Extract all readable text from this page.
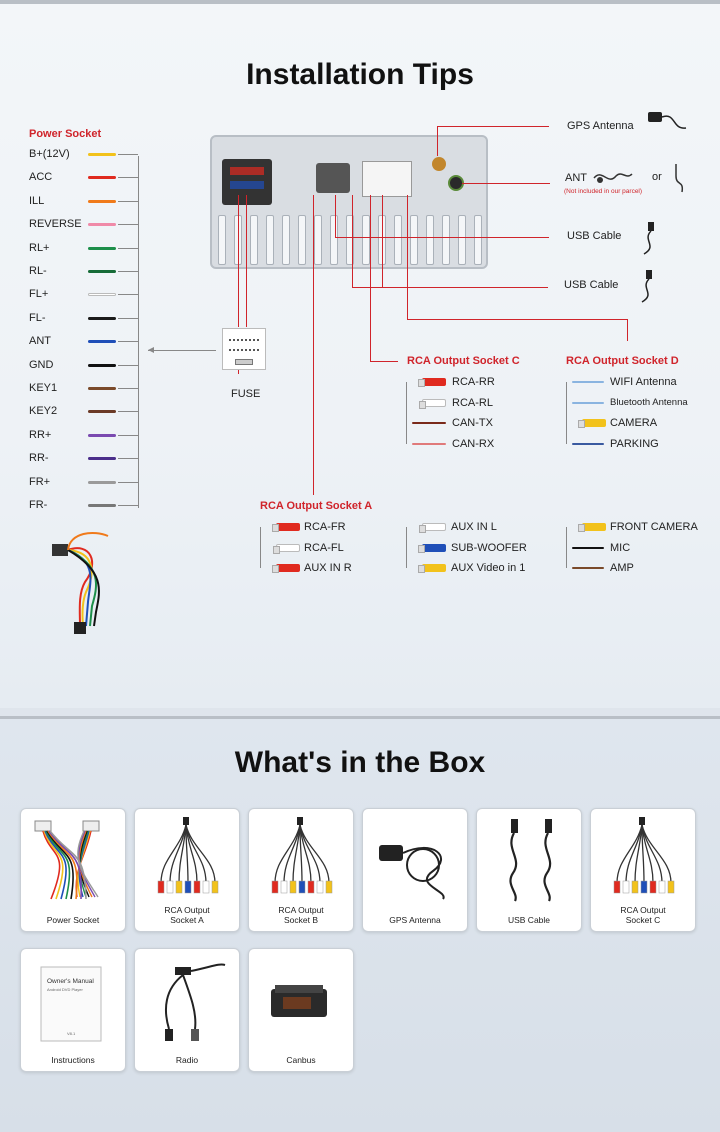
Installation Tips
What's in the Box
Power Socket
B+(12V)
ACC
ILL
REVERSE
RL+
RL-
FL+
FL-
ANT
GND
KEY1
KEY2
RR+
RR-
FR+
FR-
FUSE
GPS Antenna
ANT
(Not included in our parcel)
or
USB Cable
USB Cable
RCA Output Socket C	RCA Output Socket D
RCA Output Socket A
RCA-RR
RCA-RL
CAN-TX
CAN-RX
WIFI Antenna
Bluetooth Antenna
CAMERA
PARKING
RCA-FR
RCA-FL
AUX IN R
AUX IN L
SUB-WOOFER
AUX Video in 1
FRONT CAMERA
MIC
AMP
Power Socket
RCA Output
Socket A
RCA Output
Socket B	GPS Antenna	USB Cable
RCA Output
Socket C
Owner's Manual
Android DVD Player
V8.1
Instructions	Radio	Canbus
